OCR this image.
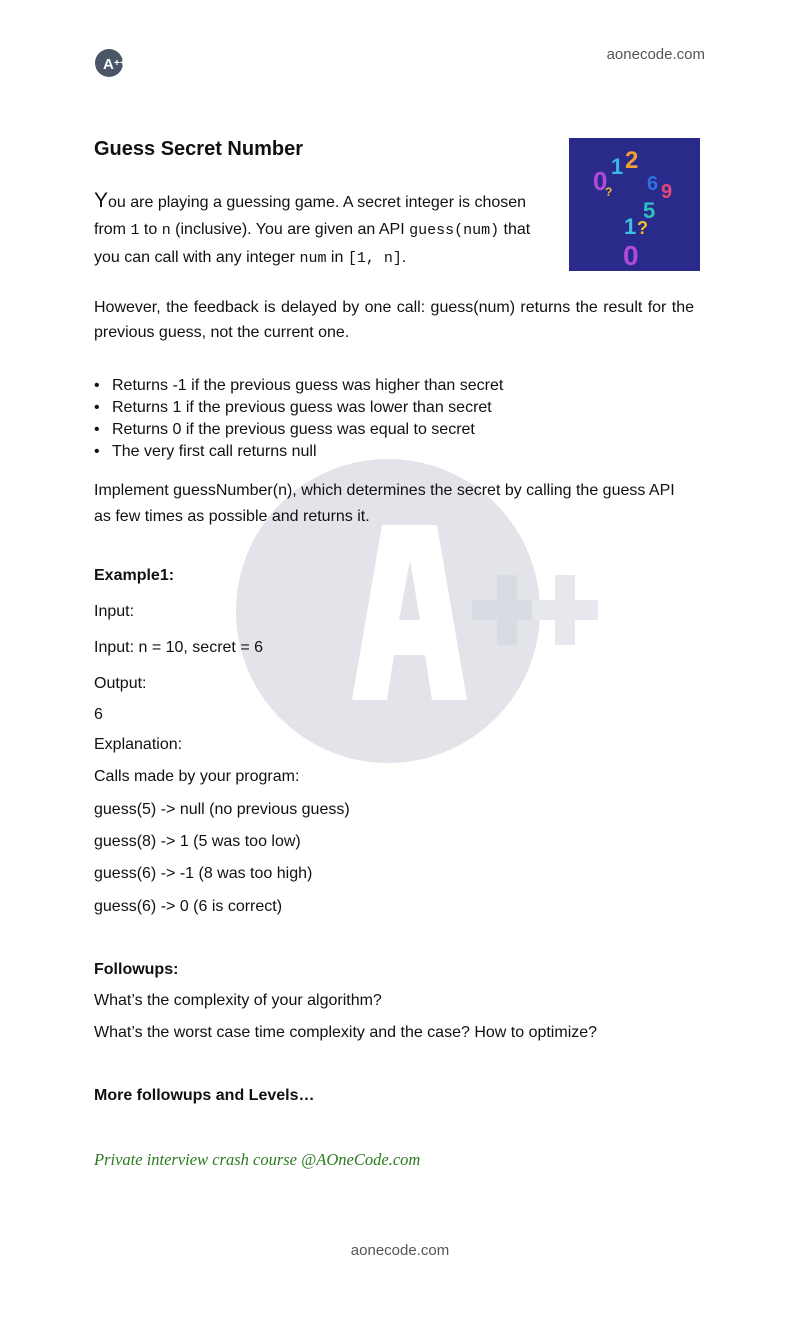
A ++
aonecode.com
Guess Secret Number
0 1 2
6 9
5
1 ?
0
?
You are playing a guessing game. A secret integer is chosen from 1 to n (inclusive). You are given an API guess(num) that you can call with any integer num in [1, n].
However, the feedback is delayed by one call: guess(num) returns the result for the previous guess, not the current one.
• Returns -1 if the previous guess was higher than secret
• Returns 1 if the previous guess was lower than secret
• Returns 0 if the previous guess was equal to secret
• The very first call returns null
Implement guessNumber(n), which determines the secret by calling the guess API as few times as possible and returns it.
Example1:
Input:
Input: n = 10, secret = 6
Output:
6
Explanation:
Calls made by your program:
guess(5) -> null (no previous guess)
guess(8) -> 1 (5 was too low)
guess(6) -> -1 (8 was too high)
guess(6) -> 0 (6 is correct)
Followups:
What’s the complexity of your algorithm?
What’s the worst case time complexity and the case? How to optimize?
More followups and Levels…
Private interview crash course @AOneCode.com
aonecode.com
